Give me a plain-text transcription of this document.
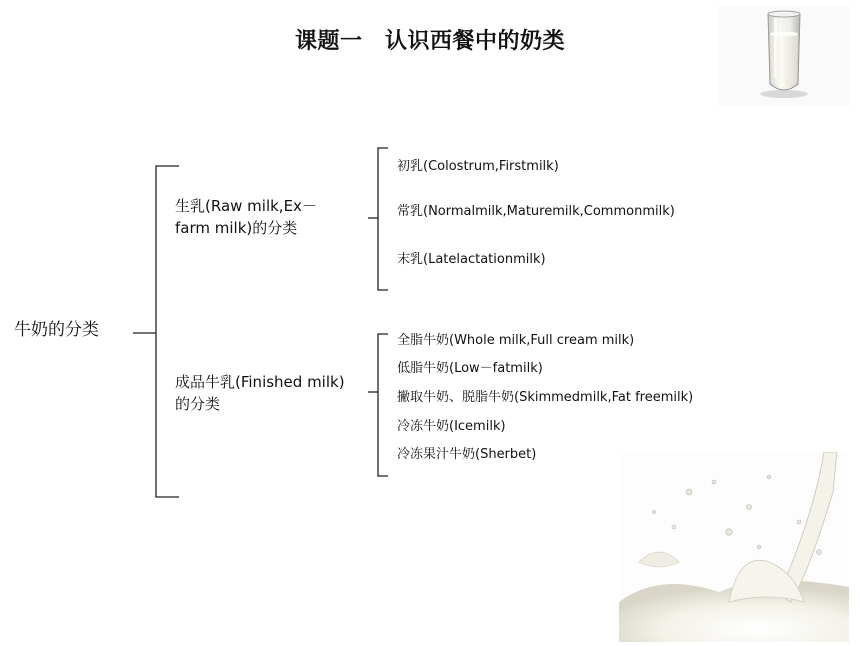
课题一　认识西餐中的奶类
牛奶的分类
生乳(Raw milk,Ex－farm milk)的分类
成品牛乳(Finished milk)的分类
初乳(Colostrum,Firstmilk)
常乳(Normalmilk,Maturemilk,Commonmilk)
末乳(Latelactationmilk)
全脂牛奶(Whole milk,Full cream milk)
低脂牛奶(Low－fatmilk)
撇取牛奶、脱脂牛奶(Skimmedmilk,Fat freemilk)
冷冻牛奶(Icemilk)
冷冻果汁牛奶(Sherbet)
